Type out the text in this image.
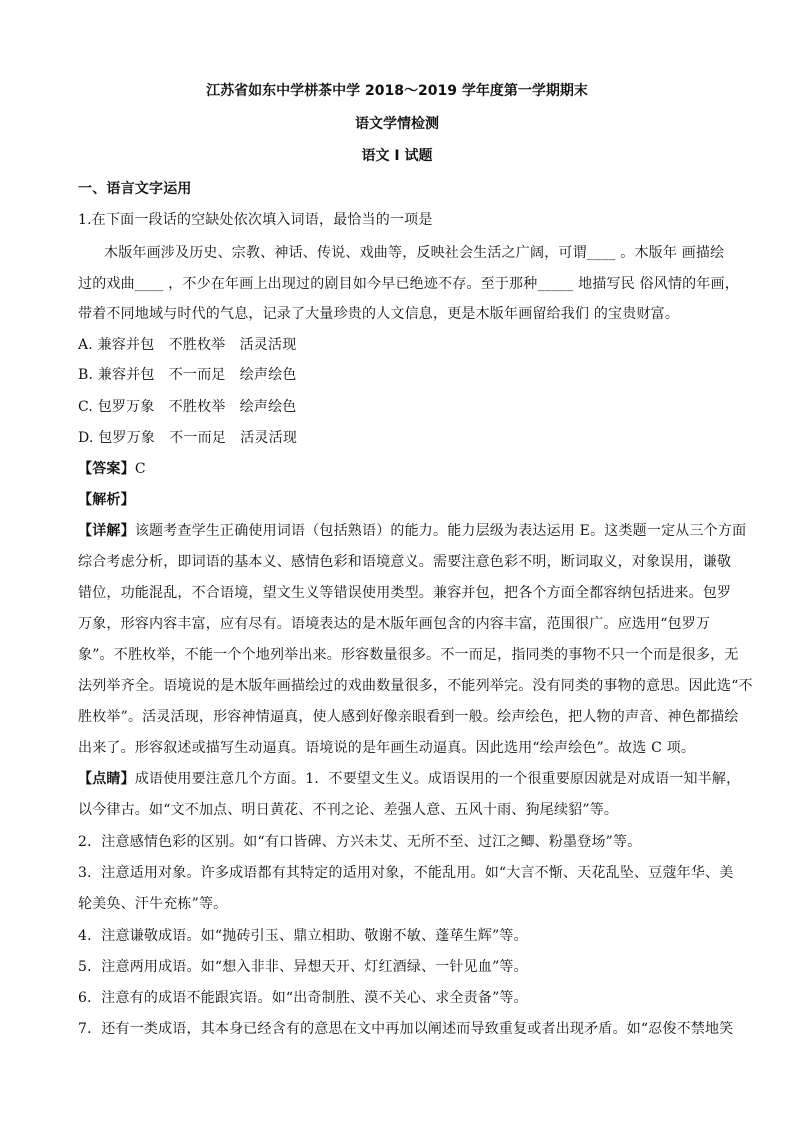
江苏省如东中学栟茶中学 2018～2019 学年度第一学期期末
语文学情检测
语文 I 试题
一、语言文字运用
1.在下面一段话的空缺处依次填入词语，最恰当的一项是
木版年画涉及历史、宗教、神话、传说、戏曲等，反映社会生活之广阔，可谓____ 。木版年 画描绘
过的戏曲____ ，不少在年画上出现过的剧目如今早已绝迹不存。至于那种_____ 地描写民 俗风情的年画，
带着不同地域与时代的气息，记录了大量珍贵的人文信息，更是木版年画留给我们 的宝贵财富。
A. 兼容并包　不胜枚举　活灵活现
B. 兼容并包　不一而足　绘声绘色
C. 包罗万象　不胜枚举　绘声绘色
D. 包罗万象　不一而足　活灵活现
【答案】C
【解析】
【详解】该题考查学生正确使用词语（包括熟语）的能力。能力层级为表达运用 E。这类题一定从三个方面
综合考虑分析，即词语的基本义、感情色彩和语境意义。需要注意色彩不明，断词取义，对象误用，谦敬
错位，功能混乱，不合语境，望文生义等错误使用类型。兼容并包，把各个方面全都容纳包括进来。包罗
万象，形容内容丰富，应有尽有。语境表达的是木版年画包含的内容丰富，范围很广。应选用“包罗万
象”。不胜枚举，不能一个个地列举出来。形容数量很多。不一而足，指同类的事物不只一个而是很多，无
法列举齐全。语境说的是木版年画描绘过的戏曲数量很多，不能列举完。没有同类的事物的意思。因此选“不
胜枚举”。活灵活现，形容神情逼真，使人感到好像亲眼看到一般。绘声绘色，把人物的声音、神色都描绘
出来了。形容叙述或描写生动逼真。语境说的是年画生动逼真。因此选用“绘声绘色”。故选 C 项。
【点睛】成语使用要注意几个方面。1．不要望文生义。成语误用的一个很重要原因就是对成语一知半解，
以今律古。如“文不加点、明日黄花、不刊之论、差强人意、五风十雨、狗尾续貂”等。
2．注意感情色彩的区别。如“有口皆碑、方兴未艾、无所不至、过江之鲫、粉墨登场”等。
3．注意适用对象。许多成语都有其特定的适用对象，不能乱用。如“大言不惭、天花乱坠、豆蔻年华、美
轮美奂、汗牛充栋”等。
4．注意谦敬成语。如“抛砖引玉、鼎立相助、敬谢不敏、蓬荜生辉”等。
5．注意两用成语。如“想入非非、异想天开、灯红酒绿、一针见血”等。
6．注意有的成语不能跟宾语。如“出奇制胜、漠不关心、求全责备”等。
7．还有一类成语，其本身已经含有的意思在文中再加以阐述而导致重复或者出现矛盾。如“忍俊不禁地笑
